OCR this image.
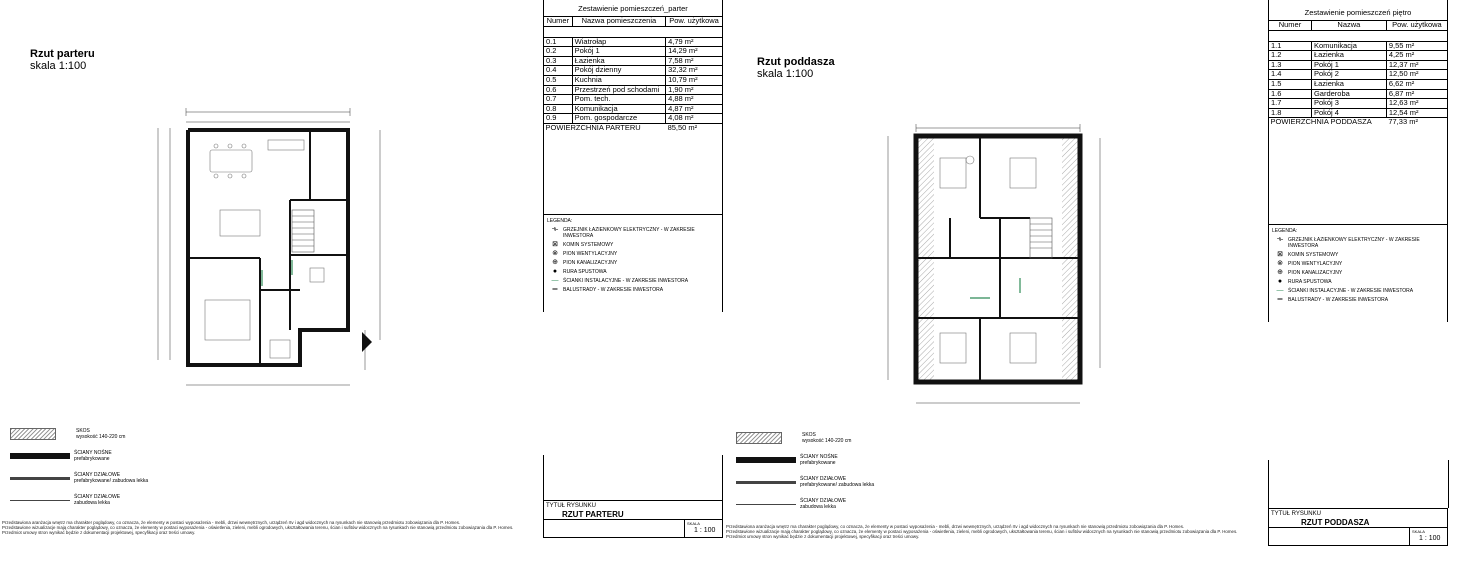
Rzut parteru
skala 1:100
Zestawienie pomieszczeń_parter		
Numer	Nazwa pomieszczenia	Pow. użytkowa

0.1	Wiatrołap	4,79 m²
0.2	Pokój 1	14,29 m²
0.3	Łazienka	7,58 m²
0.4	Pokój dzienny	32,32 m²
0.5	Kuchnia	10,79 m²
0.6	Przestrzeń pod schodami	1,90 m²
0.7	Pom. tech.	4,88 m²
0.8	Komunikacja	4,87 m²
0.9	Pom. gospodarcze	4,08 m²
POWIERZCHNIA PARTERU		85,50 m²
LEGENDA:
⟛ GRZEJNIK ŁAZIENKOWY ELEKTRYCZNY - W ZAKRESIE INWESTORA
⊠	KOMIN SYSTEMOWY
⊗	PION WENTYLACYJNY
⊕	PION KANALIZACYJNY
●	RURA SPUSTOWA
— ŚCIANKI INSTALACYJNE - W ZAKRESIE INWESTORA
═	BALUSTRADY - W ZAKRESIE INWESTORA
SKOS
wysokość 140-220 cm
ŚCIANY NOŚNE
prefabrykowane
ŚCIANY DZIAŁOWE
prefabrykowane/ zabudowa lekka
ŚCIANY DZIAŁOWE
zabudowa lekka	TYTUŁ RYSUNKU
RZUT PARTERU
SKALA
1 : 100
Przedstawiona aranżacja wnętrz ma charakter poglądowy, co oznacza, że elementy w postaci wyposażenia - mebli, drzwi wewnętrznych, urządzeń rtv i agd widocznych na rysunkach nie stanowią przedmiotu zobowiązania dla P. Homes.
Przedstawione wizualizacje mają charakter poglądowy, co oznacza, że elementy w postaci wyposażenia - oświetlenia, zieleni, mebli ogrodowych, ukształtowania terenu, ścian i sufitów widocznych na rysunkach nie stanowią przedmiotu zobowiązania dla P. Homes.
Przedmiot umowy stron wynikać będzie z dokumentacji projektowej, specyfikacji oraz treści umowy.
Rzut poddasza
skala 1:100
Zestawienie pomieszczeń piętro		
Numer	Nazwa	Pow. użytkowa

1.1	Komunikacja	9,55 m²
1.2	Łazienka	4,25 m²
1.3	Pokój 1	12,37 m²
1.4	Pokój 2	12,50 m²
1.5	Łazienka	6,62 m²
1.6	Garderoba	6,87 m²
1.7	Pokój 3	12,63 m²
1.8	Pokój 4	12,54 m²
POWIERZCHNIA PODDASZA		77,33 m²
LEGENDA:
⟛ GRZEJNIK ŁAZIENKOWY ELEKTRYCZNY - W ZAKRESIE INWESTORA
⊠	KOMIN SYSTEMOWY
⊗	PION WENTYLACYJNY
⊕	PION KANALIZACYJNY
●	RURA SPUSTOWA
— ŚCIANKI INSTALACYJNE - W ZAKRESIE INWESTORA
═	BALUSTRADY - W ZAKRESIE INWESTORA
SKOS
wysokość 140-220 cm
ŚCIANY NOŚNE
prefabrykowane
ŚCIANY DZIAŁOWE
prefabrykowane/ zabudowa lekka
ŚCIANY DZIAŁOWE
zabudowa lekka
TYTUŁ RYSUNKU
RZUT PODDASZA
SKALA
1 : 100
Przedstawiona aranżacja wnętrz ma charakter poglądowy, co oznacza, że elementy w postaci wyposażenia - mebli, drzwi wewnętrznych, urządzeń rtv i agd widocznych na rysunkach nie stanowią przedmiotu zobowiązania dla P. Homes.
Przedstawione wizualizacje mają charakter poglądowy, co oznacza, że elementy w postaci wyposażenia - oświetlenia, zieleni, mebli ogrodowych, ukształtowania terenu, ścian i sufitów widocznych na rysunkach nie stanowią przedmiotu zobowiązania dla P. Homes.
Przedmiot umowy stron wynikać będzie z dokumentacji projektowej, specyfikacji oraz treści umowy.
